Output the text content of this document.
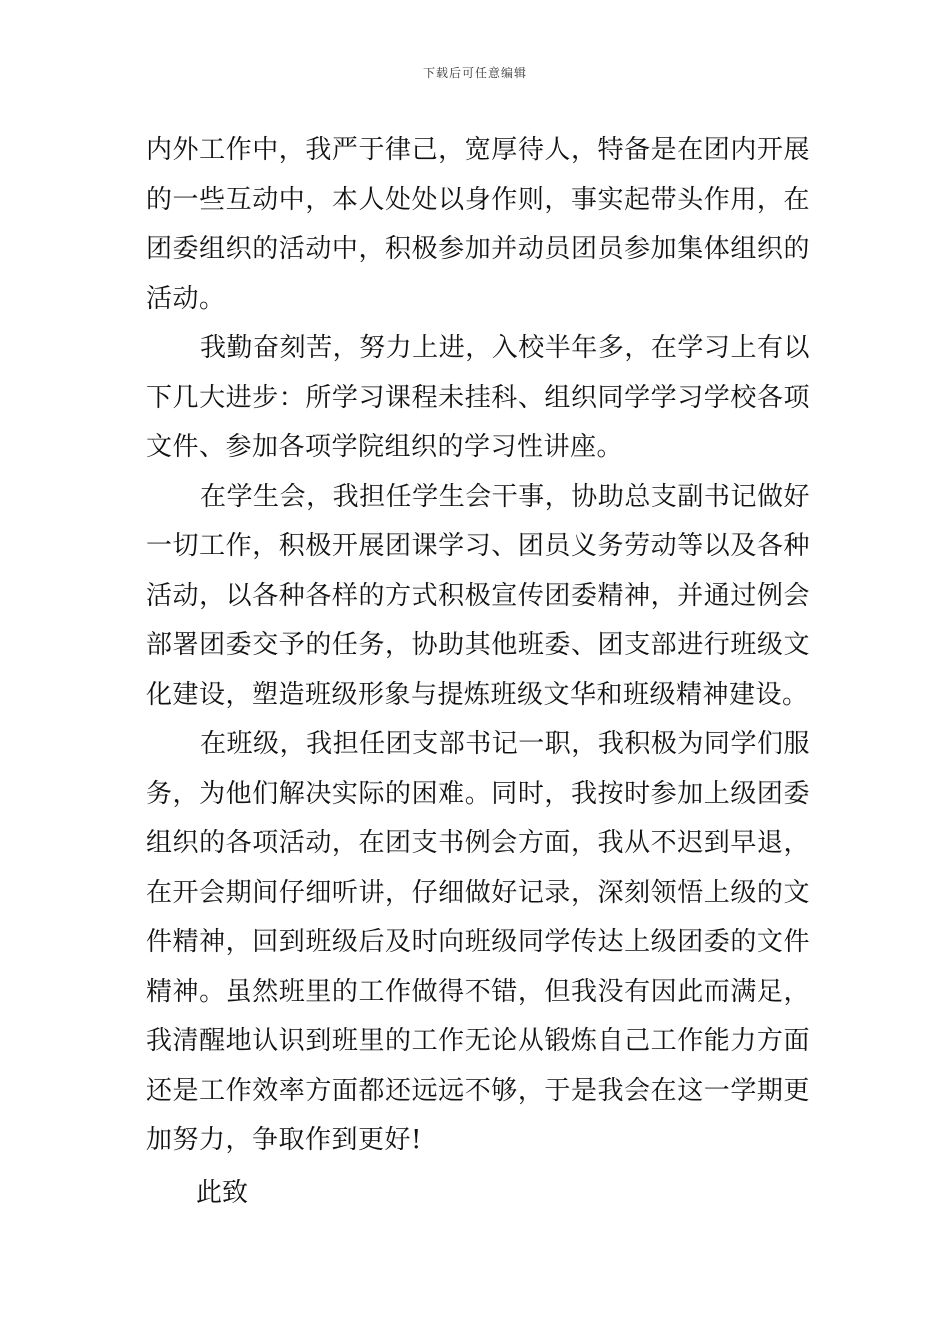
下载后可任意编辑

内外工作中，我严于律己，宽厚待人，特备是在团内开展的一些互动中，本人处处以身作则，事实起带头作用，在团委组织的活动中，积极参加并动员团员参加集体组织的活动。

我勤奋刻苦，努力上进，入校半年多，在学习上有以下几大进步：所学习课程未挂科、组织同学学习学校各项文件、参加各项学院组织的学习性讲座。

在学生会，我担任学生会干事，协助总支副书记做好一切工作，积极开展团课学习、团员义务劳动等以及各种活动，以各种各样的方式积极宣传团委精神，并通过例会部署团委交予的任务，协助其他班委、团支部进行班级文化建设，塑造班级形象与提炼班级文华和班级精神建设。

在班级，我担任团支部书记一职，我积极为同学们服务，为他们解决实际的困难。同时，我按时参加上级团委组织的各项活动，在团支书例会方面，我从不迟到早退，在开会期间仔细听讲，仔细做好记录，深刻领悟上级的文件精神，回到班级后及时向班级同学传达上级团委的文件精神。虽然班里的工作做得不错，但我没有因此而满足，我清醒地认识到班里的工作无论从锻炼自己工作能力方面还是工作效率方面都还远远不够，于是我会在这一学期更加努力，争取作到更好!

此致
